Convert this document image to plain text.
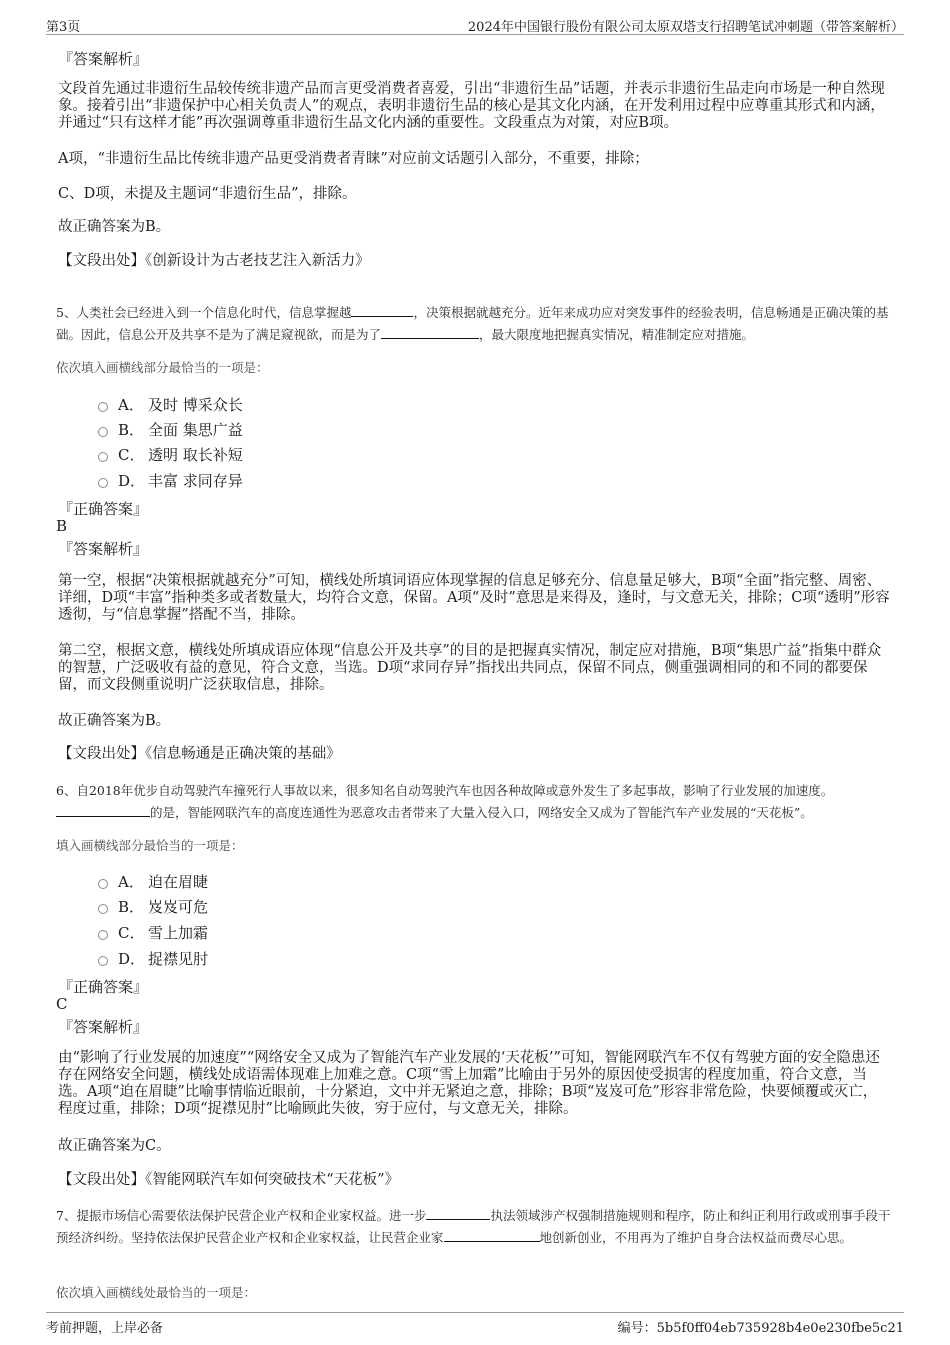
第3页	2024年中国银行股份有限公司太原双塔支行招聘笔试冲刺题（带答案解析）
『答案解析』

文段首先通过非遗衍生品较传统非遗产品而言更受消费者喜爱，引出“非遗衍生品”话题，并表示非遗衍生品走向市场是一种自然现象。接着引出“非遗保护中心相关负责人”的观点，表明非遗衍生品的核心是其文化内涵，在开发利用过程中应尊重其形式和内涵，并通过“只有这样才能”再次强调尊重非遗衍生品文化内涵的重要性。文段重点为对策，对应B项。

A项，“非遗衍生品比传统非遗产品更受消费者青睐”对应前文话题引入部分，不重要，排除；

C、D项，未提及主题词“非遗衍生品”，排除。

故正确答案为B。

【文段出处】《创新设计为古老技艺注入新活力》

5、人类社会已经进入到一个信息化时代，信息掌握越	，决策根据就越充分。近年来成功应对突发事件的经验表明，信息畅通是正确决策的基础。因此，信息公开及共享不是为了满足窥视欲，而是为了	，最大限度地把握真实情况，精准制定应对措施。

依次填入画横线部分最恰当的一项是：
A． 及时 博采众长
B． 全面 集思广益
C． 透明 取长补短
D． 丰富 求同存异
『正确答案』
B
『答案解析』

第一空，根据“决策根据就越充分”可知，横线处所填词语应体现掌握的信息足够充分、信息量足够大，B项“全面”指完整、周密、详细，D项“丰富”指种类多或者数量大，均符合文意，保留。A项“及时”意思是来得及，逢时，与文意无关，排除；C项“透明”形容透彻，与“信息掌握”搭配不当，排除。

第二空，根据文意，横线处所填成语应体现“信息公开及共享”的目的是把握真实情况，制定应对措施，B项“集思广益”指集中群众的智慧，广泛吸收有益的意见，符合文意，当选。D项“求同存异”指找出共同点，保留不同点，侧重强调相同的和不同的都要保留，而文段侧重说明广泛获取信息，排除。

故正确答案为B。

【文段出处】《信息畅通是正确决策的基础》

6、自2018年优步自动驾驶汽车撞死行人事故以来，很多知名自动驾驶汽车也因各种故障或意外发生了多起事故，影响了行业发展的加速度。的是，智能网联汽车的高度连通性为恶意攻击者带来了大量入侵入口，网络安全又成为了智能汽车产业发展的“天花板”。

填入画横线部分最恰当的一项是：
A． 迫在眉睫
B． 岌岌可危
C． 雪上加霜
D． 捉襟见肘
『正确答案』
C
『答案解析』

由“影响了行业发展的加速度”“网络安全又成为了智能汽车产业发展的‘天花板’”可知，智能网联汽车不仅有驾驶方面的安全隐患还存在网络安全问题，横线处成语需体现难上加难之意。C项“雪上加霜”比喻由于另外的原因使受损害的程度加重，符合文意，当选。A项“迫在眉睫”比喻事情临近眼前，十分紧迫，文中并无紧迫之意，排除；B项“岌岌可危”形容非常危险，快要倾覆或灭亡，程度过重，排除；D项“捉襟见肘”比喻顾此失彼，穷于应付，与文意无关，排除。

故正确答案为C。

【文段出处】《智能网联汽车如何突破技术“天花板”》

7、提振市场信心需要依法保护民营企业产权和企业家权益。进一步	执法领域涉产权强制措施规则和程序，防止和纠正利用行政或刑事手段干预经济纠纷。坚持依法保护民营企业产权和企业家权益，让民营企业家	地创新创业，不用再为了维护自身合法权益而费尽心思。

依次填入画横线处最恰当的一项是：
考前押题，上岸必备	编号：5b5f0ff04eb735928b4e0e230fbe5c21
